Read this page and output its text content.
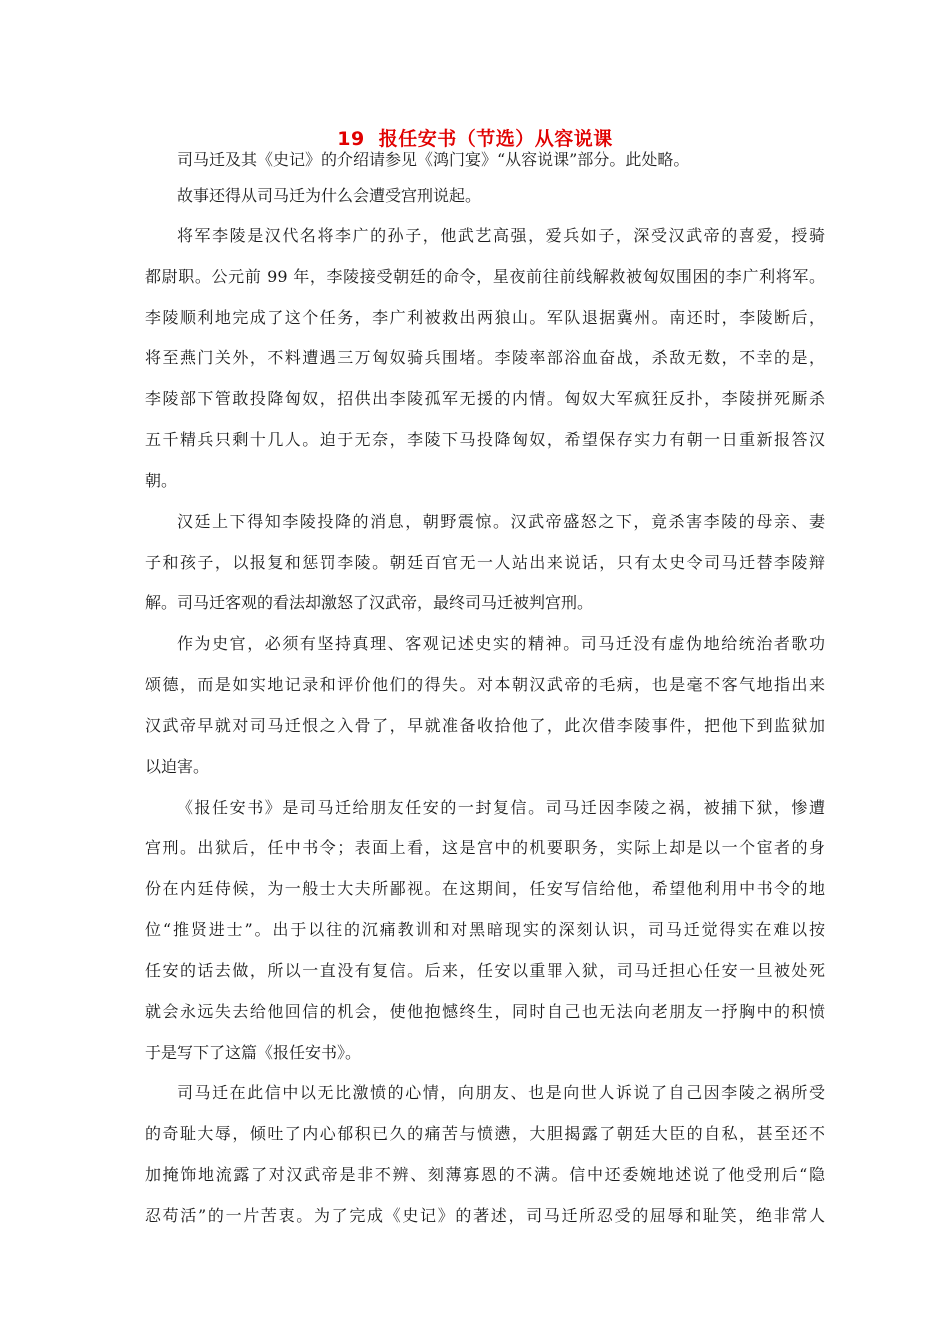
19 报任安书（节选）从容说课
司马迁及其《史记》的介绍请参见《鸿门宴》“从容说课”部分。此处略。
故事还得从司马迁为什么会遭受宫刑说起。
将军李陵是汉代名将李广的孙子，他武艺高强，爱兵如子，深受汉武帝的喜爱，授骑
都尉职。公元前 99 年，李陵接受朝廷的命令，星夜前往前线解救被匈奴围困的李广利将军。
李陵顺利地完成了这个任务，李广利被救出两狼山。军队退据冀州。南还时，李陵断后，
将至燕门关外，不料遭遇三万匈奴骑兵围堵。李陵率部浴血奋战，杀敌无数，不幸的是，
李陵部下管敢投降匈奴，招供出李陵孤军无援的内情。匈奴大军疯狂反扑，李陵拼死厮杀
五千精兵只剩十几人。迫于无奈，李陵下马投降匈奴，希望保存实力有朝一日重新报答汉
朝。
汉廷上下得知李陵投降的消息，朝野震惊。汉武帝盛怒之下，竟杀害李陵的母亲、妻
子和孩子，以报复和惩罚李陵。朝廷百官无一人站出来说话，只有太史令司马迁替李陵辩
解。司马迁客观的看法却激怒了汉武帝，最终司马迁被判宫刑。
作为史官，必须有坚持真理、客观记述史实的精神。司马迁没有虚伪地给统治者歌功
颂德，而是如实地记录和评价他们的得失。对本朝汉武帝的毛病，也是毫不客气地指出来
汉武帝早就对司马迁恨之入骨了，早就准备收拾他了，此次借李陵事件，把他下到监狱加
以迫害。
《报任安书》是司马迁给朋友任安的一封复信。司马迁因李陵之祸，被捕下狱，惨遭
宫刑。出狱后，任中书令；表面上看，这是宫中的机要职务，实际上却是以一个宦者的身
份在内廷侍候，为一般士大夫所鄙视。在这期间，任安写信给他，希望他利用中书令的地
位“推贤进士”。出于以往的沉痛教训和对黑暗现实的深刻认识，司马迁觉得实在难以按
任安的话去做，所以一直没有复信。后来，任安以重罪入狱，司马迁担心任安一旦被处死
就会永远失去给他回信的机会，使他抱憾终生，同时自己也无法向老朋友一抒胸中的积愤
于是写下了这篇《报任安书》。
司马迁在此信中以无比激愤的心情，向朋友、也是向世人诉说了自己因李陵之祸所受
的奇耻大辱，倾吐了内心郁积已久的痛苦与愤懑，大胆揭露了朝廷大臣的自私，甚至还不
加掩饰地流露了对汉武帝是非不辨、刻薄寡恩的不满。信中还委婉地述说了他受刑后“隐
忍苟活”的一片苦衷。为了完成《史记》的著述，司马迁所忍受的屈辱和耻笑，绝非常人
